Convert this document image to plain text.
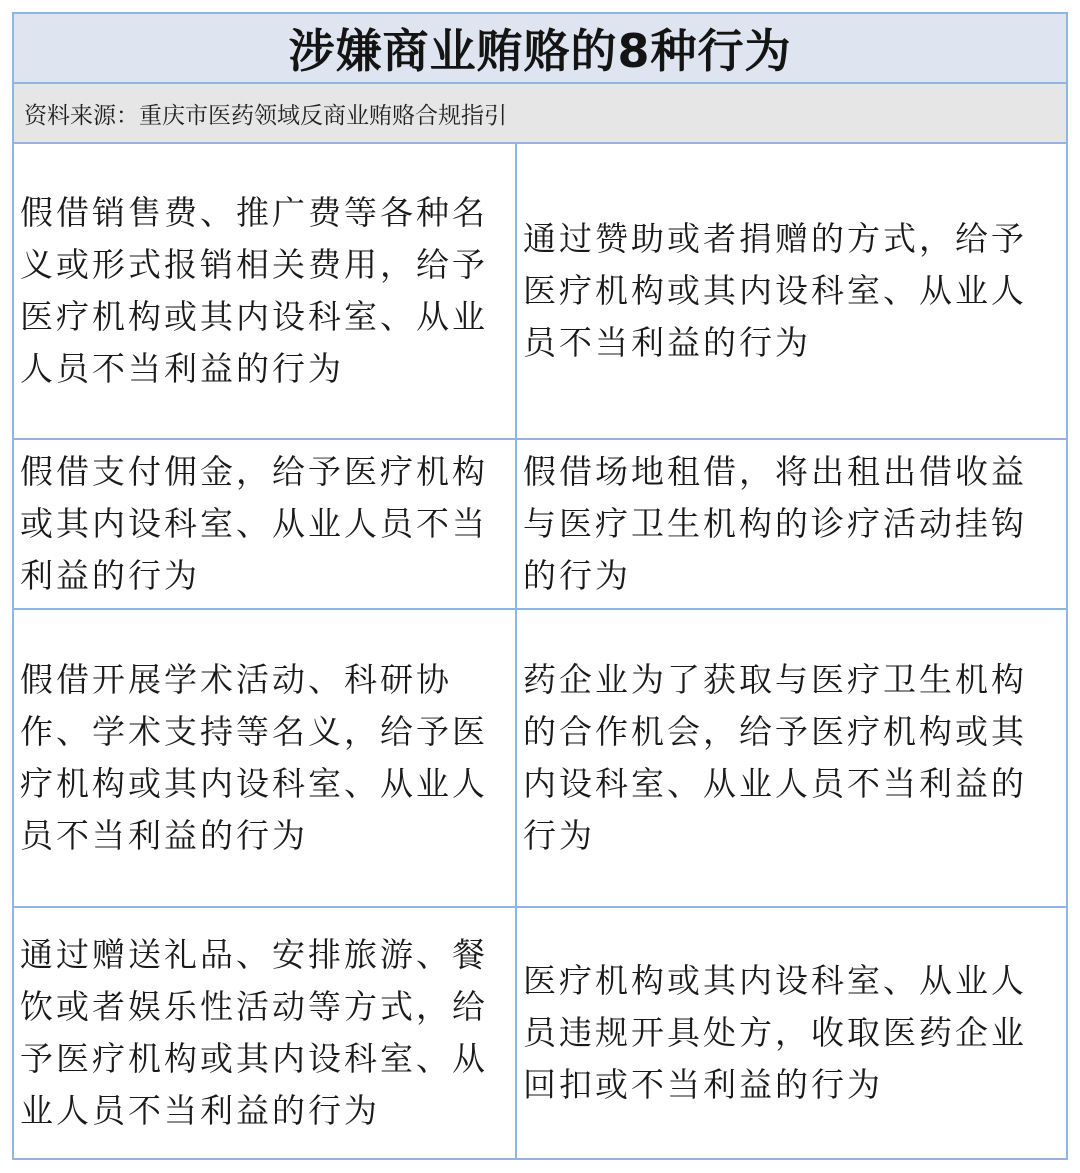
涉嫌商业贿赂的8种行为
资料来源：重庆市医药领域反商业贿赂合规指引
假借销售费、推广费等各种名义或形式报销相关费用，给予医疗机构或其内设科室、从业人员不当利益的行为
通过赞助或者捐赠的方式，给予医疗机构或其内设科室、从业人员不当利益的行为
假借支付佣金，给予医疗机构或其内设科室、从业人员不当利益的行为
假借场地租借，将出租出借收益与医疗卫生机构的诊疗活动挂钩的行为
假借开展学术活动、科研协作、学术支持等名义，给予医疗机构或其内设科室、从业人员不当利益的行为
药企业为了获取与医疗卫生机构的合作机会，给予医疗机构或其内设科室、从业人员不当利益的行为
通过赠送礼品、安排旅游、餐饮或者娱乐性活动等方式，给予医疗机构或其内设科室、从业人员不当利益的行为
医疗机构或其内设科室、从业人员违规开具处方，收取医药企业回扣或不当利益的行为
